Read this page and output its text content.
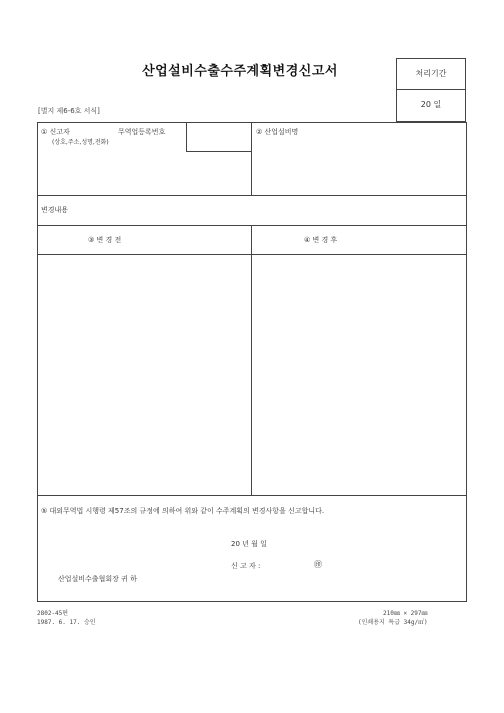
산업설비수출수주계획변경신고서	처리기간
20 일
[별지 제6-6호 서식]
① 신고자
(상호,주소,성명,전화)
무역업등록번호	② 산업설비명
변경내용
③ 변 경 전	④ 변 경 후
⑤ 대외무역법 시행령 제57조의 규정에 의하여 위와 같이 수주계획의 변경사항을 신고합니다.
20 년 월 일
신 고 자 :	㊞
산업설비수출협회장 귀 하
2802-45편
1987. 6. 17. 승인
210㎜ × 297㎜
(인쇄용지 특급 34g/㎡)
